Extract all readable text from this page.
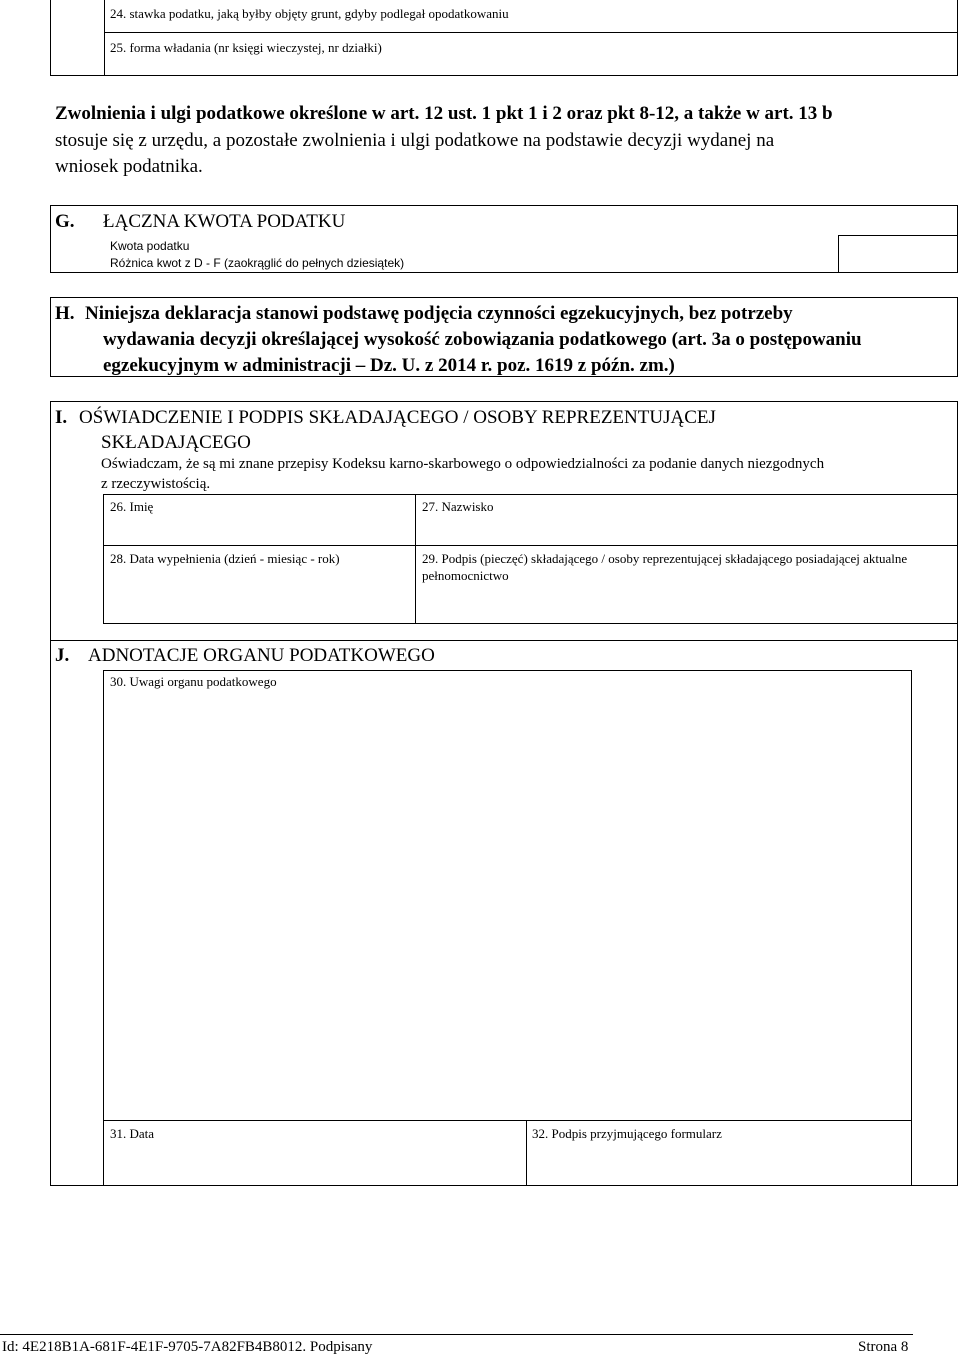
24. stawka podatku, jaką byłby objęty grunt, gdyby podlegał opodatkowaniu
25. forma władania (nr księgi wieczystej, nr działki)
Zwolnienia i ulgi podatkowe określone w art. 12 ust. 1 pkt 1 i 2 oraz pkt 8-12, a także w art. 13 b
stosuje się z urzędu, a pozostałe zwolnienia i ulgi podatkowe na podstawie decyzji wydanej na
wniosek podatnika.
G. ŁĄCZNA KWOTA PODATKU
Kwota podatku
Różnica kwot z D - F (zaokrąglić do pełnych dziesiątek)
H. Niniejsza deklaracja stanowi podstawę podjęcia czynności egzekucyjnych, bez potrzeby
wydawania decyzji określającej wysokość zobowiązania podatkowego (art. 3a o postępowaniu
egzekucyjnym w administracji – Dz. U. z 2014 r. poz. 1619 z późn. zm.)
I. OŚWIADCZENIE I PODPIS SKŁADAJĄCEGO / OSOBY REPREZENTUJĄCEJ
SKŁADAJĄCEGO
Oświadczam, że są mi znane przepisy Kodeksu karno-skarbowego o odpowiedzialności za podanie danych niezgodnych
z rzeczywistością.
26. Imię	27. Nazwisko
28. Data wypełnienia (dzień - miesiąc - rok)	29. Podpis (pieczęć) składającego / osoby reprezentującej składającego posiadającej aktualne
pełnomocnictwo
J. ADNOTACJE ORGANU PODATKOWEGO
30. Uwagi organu podatkowego
31. Data	32. Podpis przyjmującego formularz
Id: 4E218B1A-681F-4E1F-9705-7A82FB4B8012. Podpisany	Strona 8
